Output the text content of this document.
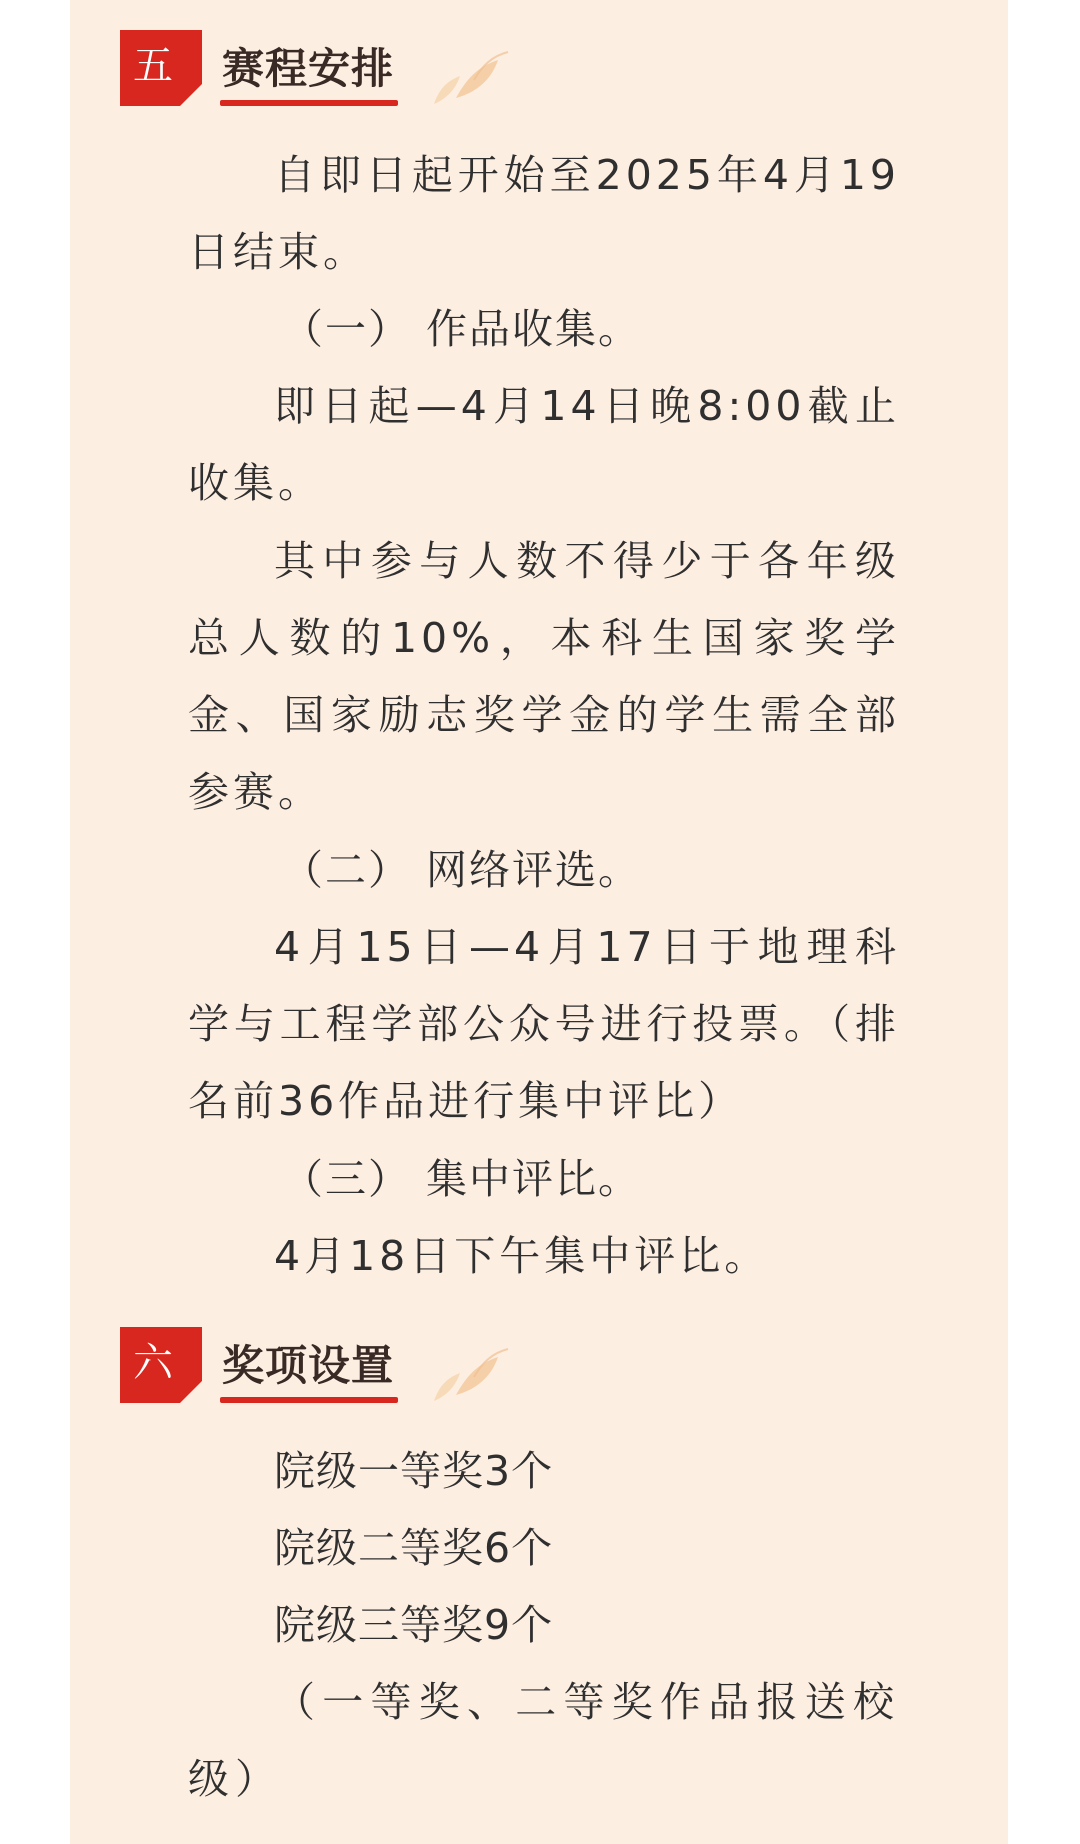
五	赛程安排
自即日起开始至2025年4月19日结束。
（一） 作品收集。
即日起—4月14日晚8:00截止收集。
其中参与人数不得少于各年级总人数的10%，本科生国家奖学金、国家励志奖学金的学生需全部参赛。
（二） 网络评选。
4月15日—4月17日于地理科学与工程学部公众号进行投票。（排名前36作品进行集中评比）
（三） 集中评比。
4月18日下午集中评比。
六	奖项设置
院级一等奖3个
院级二等奖6个
院级三等奖9个
（一等奖、二等奖作品报送校级）
